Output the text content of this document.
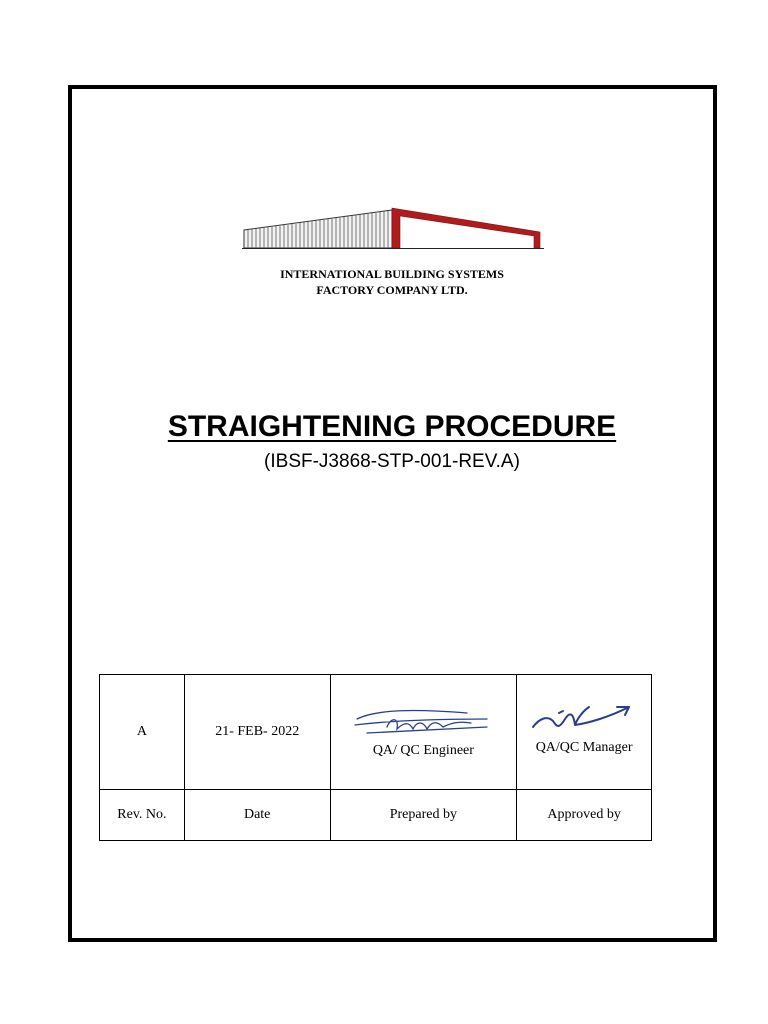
INTERNATIONAL BUILDING SYSTEMS
FACTORY COMPANY LTD.
STRAIGHTENING PROCEDURE
(IBSF-J3868-STP-001-REV.A)
A	21- FEB- 2022	QA/ QC Engineer	QA/QC Manager

Rev. No.	Date	Prepared by	Approved by
